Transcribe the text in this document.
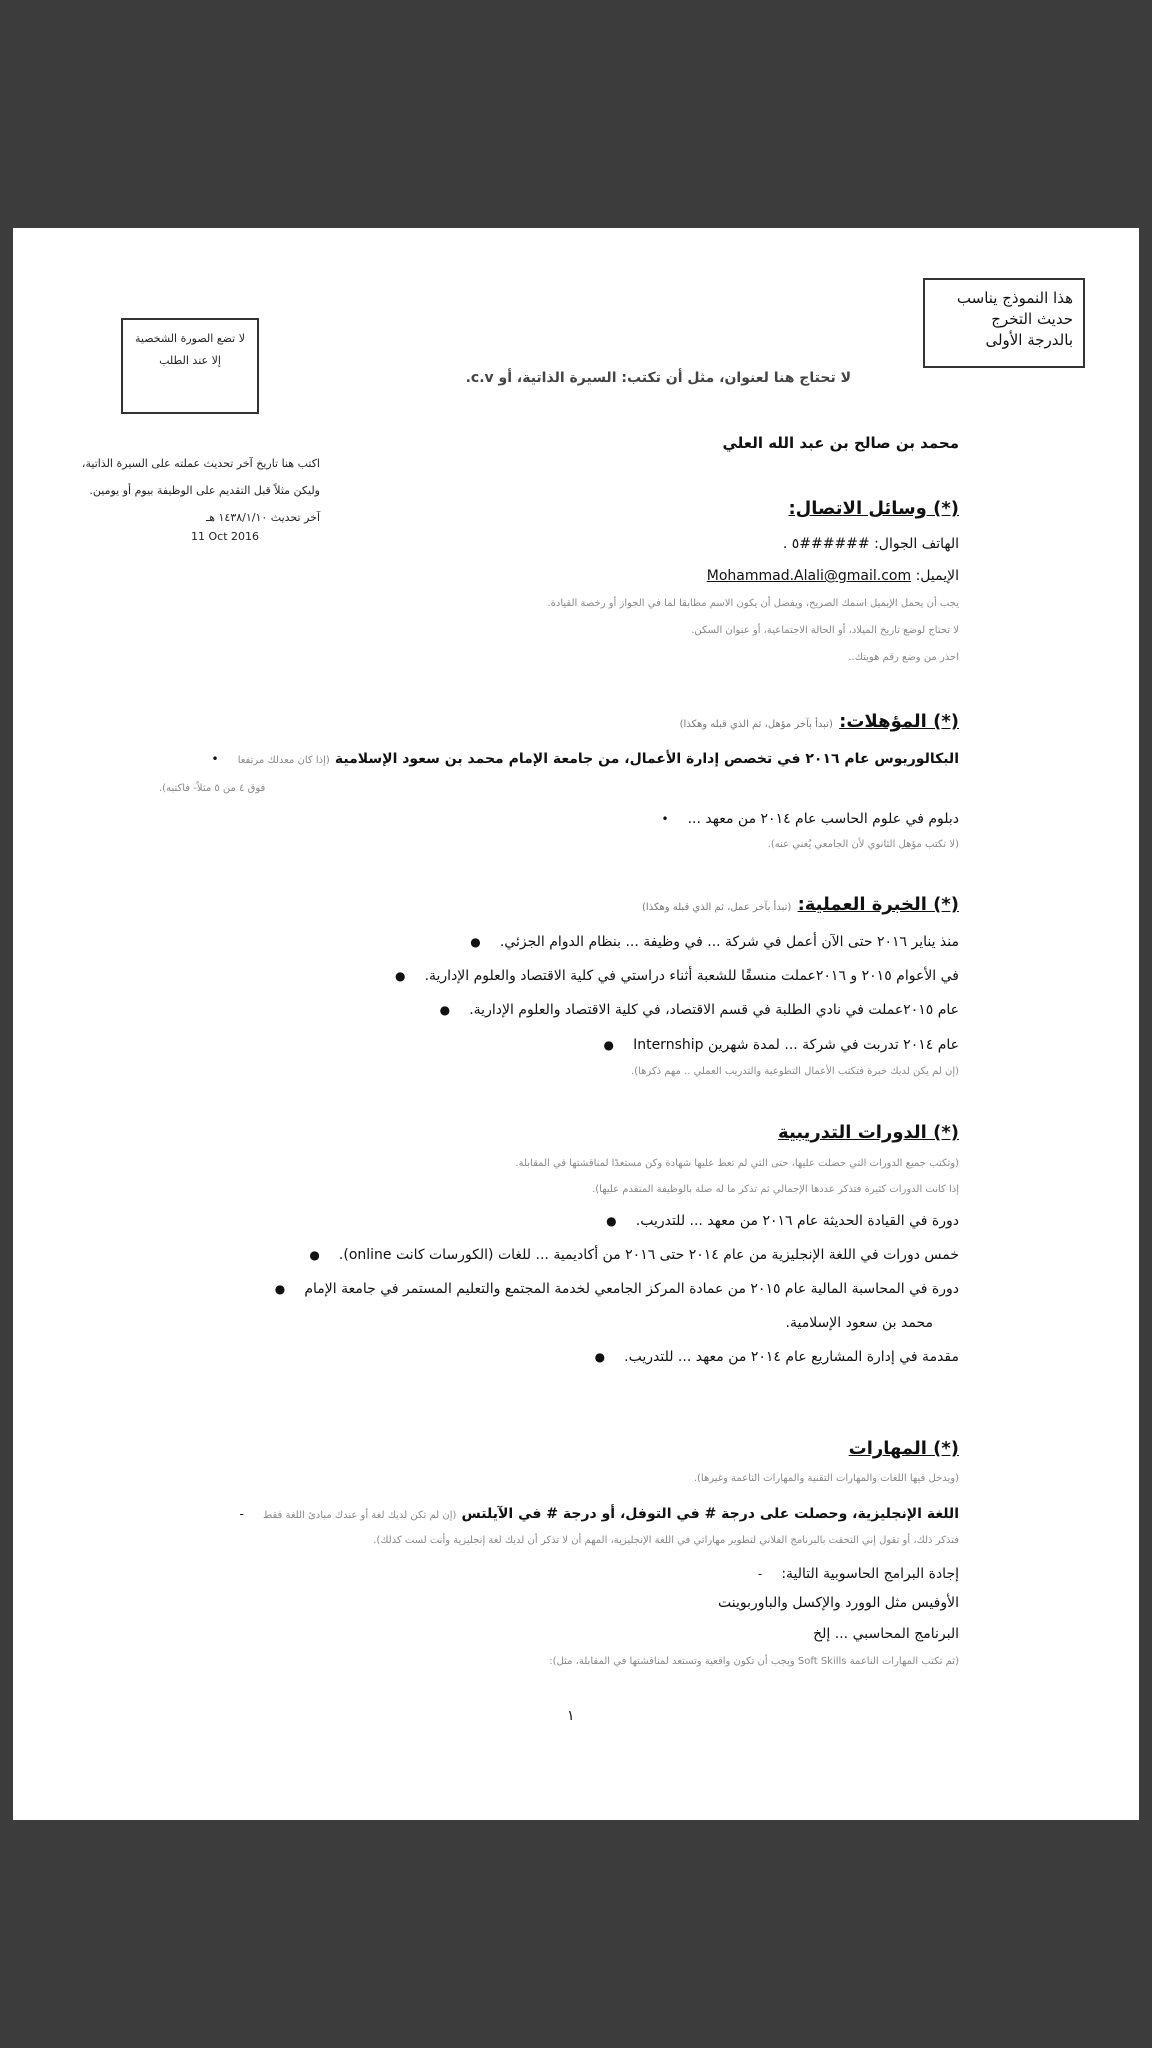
هذا النموذج يناسب
حديث التخرج
بالدرجة الأولى
لا تضع الصورة الشخصية إلا عند الطلب
لا تحتاج هنا لعنوان، مثل أن تكتب: السيرة الذاتية، أو c.v.
محمد بن صالح بن عبد الله العلي
اكتب هنا تاريخ آخر تحديث عملته على السيرة الذاتية، وليكن مثلاً قبل التقديم على الوظيفة بيوم أو يومين. آخر تحديث ١٤٣٨/١/١٠ هـ
11 Oct 2016
(*) وسائل الاتصال:
الهاتف الجوال: ######٥ .
الإيميل: Mohammad.Alali@gmail.com
يجب أن يحمل الإيميل اسمك الصريح، ويفضل أن يكون الاسم مطابقا لما في الجواز أو رخصة القيادة.
لا تحتاج لوضع تاريخ الميلاد، أو الحالة الاجتماعية، أو عنوان السكن.
احذر من وضع رقم هويتك..
(*) المؤهلات: (تبدأ بآخر مؤهل، ثم الذي قبله وهكذا)
البكالوريوس عام ٢٠١٦ في تخصص إدارة الأعمال، من جامعة الإمام محمد بن سعود الإسلامية (إذا كان معدلك مرتفعا •
فوق ٤ من ٥ مثلاً- فاكتبه).
دبلوم في علوم الحاسب عام ٢٠١٤ من معهد ... •
(لا تكتب مؤهل الثانوي لأن الجامعي يُغني عنه).
(*) الخبرة العملية: (تبدأ بآخر عمل، ثم الذي قبله وهكذا)
منذ يناير ٢٠١٦ حتى الآن أعمل في شركة ... في وظيفة ... بنظام الدوام الجزئي. ●
في الأعوام ٢٠١٥ و ٢٠١٦عملت منسقًا للشعبة أثناء دراستي في كلية الاقتصاد والعلوم الإدارية. ●
عام ٢٠١٥عملت في نادي الطلبة في قسم الاقتصاد، في كلية الاقتصاد والعلوم الإدارية. ●
عام ٢٠١٤ تدربت في شركة ... لمدة شهرين Internship ●
(إن لم يكن لديك خبرة فتكتب الأعمال التطوعية والتدريب العملي .. مهم ذكرها).
(*) الدورات التدريبية
(وتكتب جميع الدورات التي حصلت عليها، حتى التي لم تعط عليها شهادة وكن مستعدًا لمناقشتها في المقابلة.
إذا كانت الدورات كثيرة فتذكر عددها الإجمالي ثم تذكر ما له صلة بالوظيفة المتقدم عليها).
دورة في القيادة الحديثة عام ٢٠١٦ من معهد ... للتدريب. ●
خمس دورات في اللغة الإنجليزية من عام ٢٠١٤ حتى ٢٠١٦ من أكاديمية ... للغات (الكورسات كانت online). ●
دورة في المحاسبة المالية عام ٢٠١٥ من عمادة المركز الجامعي لخدمة المجتمع والتعليم المستمر في جامعة الإمام ●
محمد بن سعود الإسلامية.
مقدمة في إدارة المشاريع عام ٢٠١٤ من معهد ... للتدريب. ●
(*) المهارات
(ويدخل فيها اللغات والمهارات التقنية والمهارات الناعمة وغيرها).
اللغة الإنجليزية، وحصلت على درجة # في التوفل، أو درجة # في الآيلتس (إن لم تكن لديك لغة أو عندك مبادئ اللغة فقط -
فتذكر ذلك، أو تقول إني التحقت بالبرنامج الفلاني لتطوير مهاراتي في اللغة الإنجليزية، المهم أن لا تذكر أن لديك لغة إنجليزية وأنت لست كذلك).
إجادة البرامج الحاسوبية التالية: -
الأوفيس مثل الوورد والإكسل والباوربوينت
البرنامج المحاسبي ... إلخ
(ثم تكتب المهارات الناعمة Soft Skills ويجب أن تكون واقعية وتستعد لمناقشتها في المقابلة، مثل):
١
